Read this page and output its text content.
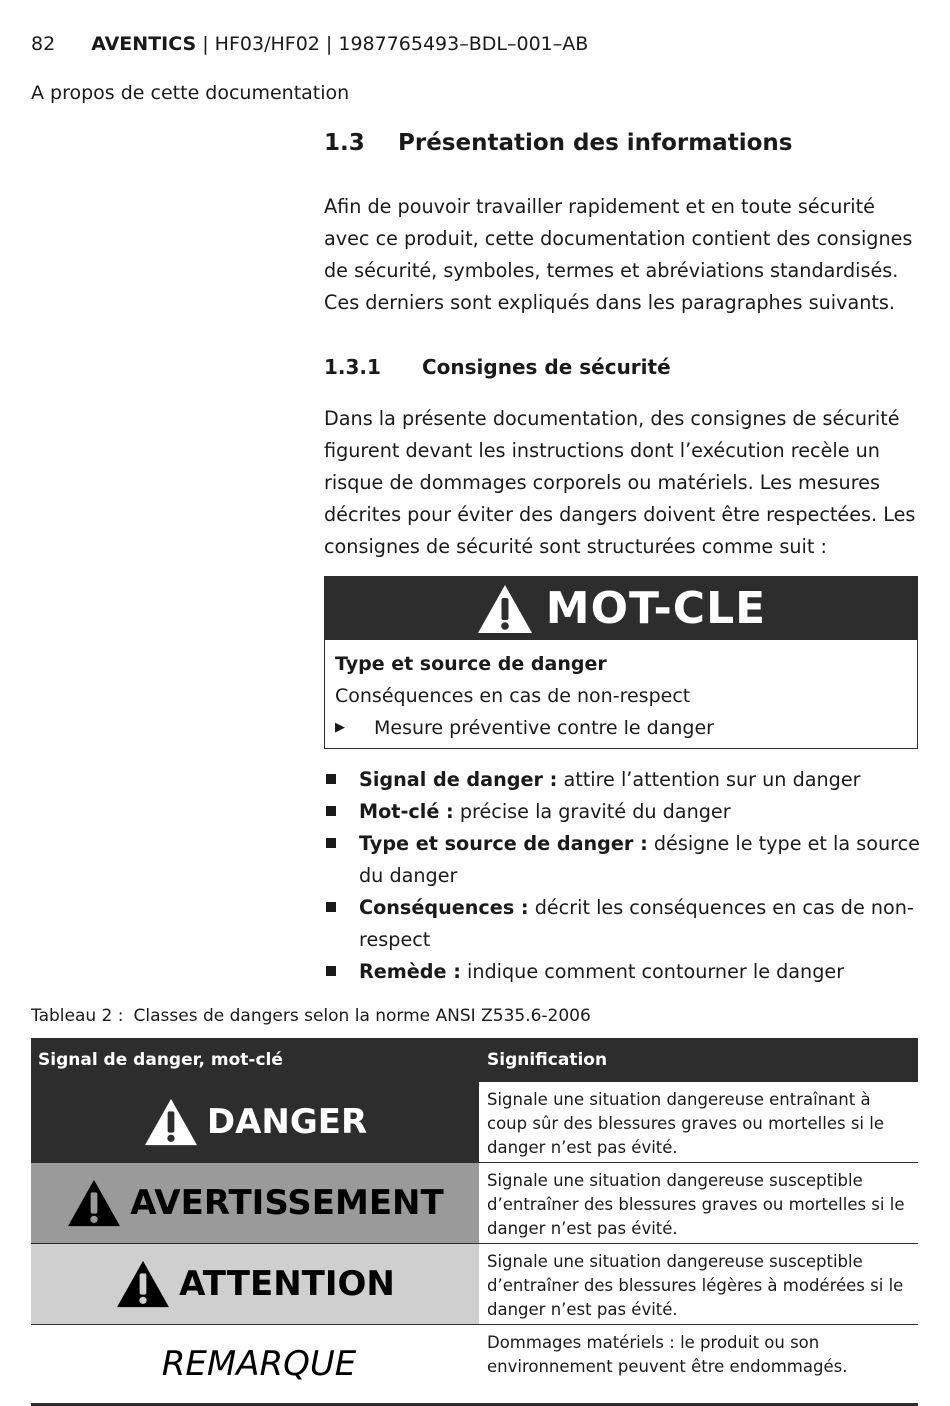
82 AVENTICS | HF03/HF02 | 1987765493–BDL–001–AB
A propos de cette documentation
1.3 Présentation des informations
Afin de pouvoir travailler rapidement et en toute sécurité avec ce produit, cette documentation contient des consignes de sécurité, symboles, termes et abréviations standardisés. Ces derniers sont expliqués dans les paragraphes suivants.
1.3.1 Consignes de sécurité
Dans la présente documentation, des consignes de sécurité figurent devant les instructions dont l’exécution recèle un risque de dommages corporels ou matériels. Les mesures décrites pour éviter des dangers doivent être respectées. Les consignes de sécurité sont structurées comme suit :
MOT-CLE
Type et source de danger
Conséquences en cas de non-respect
▶	Mesure préventive contre le danger
Signal de danger : attire l’attention sur un danger
Mot-clé : précise la gravité du danger
Type et source de danger : désigne le type et la source du danger
Conséquences : décrit les conséquences en cas de non-respect
Remède : indique comment contourner le danger
Tableau 2 : Classes de dangers selon la norme ANSI Z535.6-2006
Signal de danger, mot-clé	Signification
DANGER
Signale une situation dangereuse entraînant à coup sûr des blessures graves ou mortelles si le danger n’est pas évité.
AVERTISSEMENT
Signale une situation dangereuse susceptible d’entraîner des blessures graves ou mortelles si le danger n’est pas évité.
ATTENTION
Signale une situation dangereuse susceptible d’entraîner des blessures légères à modérées si le danger n’est pas évité.
REMARQUE
Dommages matériels : le produit ou son environnement peuvent être endommagés.
